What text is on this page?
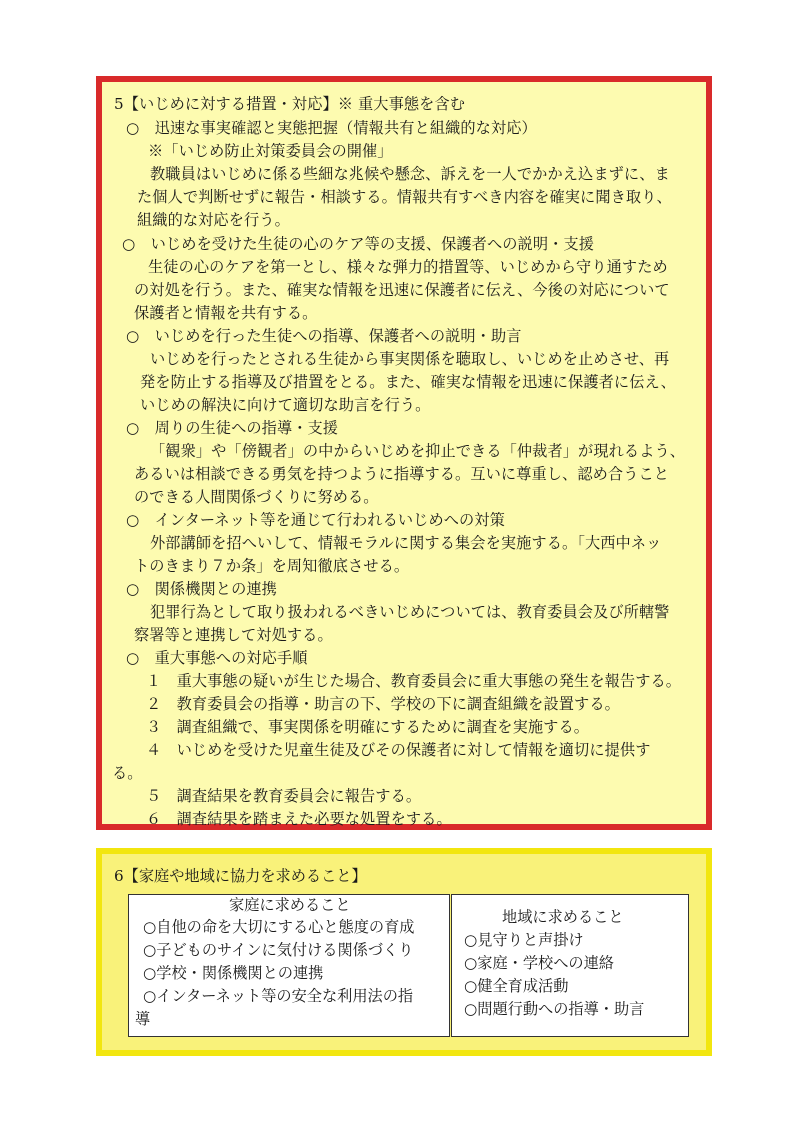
5【いじめに対する措置・対応】※ 重大事態を含む
○　迅速な事実確認と実態把握（情報共有と組織的な対応）
※「いじめ防止対策委員会の開催」
教職員はいじめに係る些細な兆候や懸念、訴えを一人でかかえ込まずに、ま
た個人で判断せずに報告・相談する。情報共有すべき内容を確実に聞き取り、
組織的な対応を行う。
○　いじめを受けた生徒の心のケア等の支援、保護者への説明・支援
生徒の心のケアを第一とし、様々な弾力的措置等、いじめから守り通すため
の対処を行う。また、確実な情報を迅速に保護者に伝え、今後の対応について
保護者と情報を共有する。
○　いじめを行った生徒への指導、保護者への説明・助言
いじめを行ったとされる生徒から事実関係を聴取し、いじめを止めさせ、再
発を防止する指導及び措置をとる。また、確実な情報を迅速に保護者に伝え、
いじめの解決に向けて適切な助言を行う。
○　周りの生徒への指導・支援
「観衆」や「傍観者」の中からいじめを抑止できる「仲裁者」が現れるよう、
あるいは相談できる勇気を持つように指導する。互いに尊重し、認め合うこと
のできる人間関係づくりに努める。
○　インターネット等を通じて行われるいじめへの対策
外部講師を招へいして、情報モラルに関する集会を実施する。「大西中ネッ
トのきまり７か条」を周知徹底させる。
○　関係機関との連携
犯罪行為として取り扱われるべきいじめについては、教育委員会及び所轄警
察署等と連携して対処する。
○　重大事態への対応手順
１　重大事態の疑いが生じた場合、教育委員会に重大事態の発生を報告する。
２　教育委員会の指導・助言の下、学校の下に調査組織を設置する。
３　調査組織で、事実関係を明確にするために調査を実施する。
４　いじめを受けた児童生徒及びその保護者に対して情報を適切に提供す
る。
５　調査結果を教育委員会に報告する。
６　調査結果を踏まえた必要な処置をする。
6【家庭や地域に協力を求めること】
家庭に求めること
○自他の命を大切にする心と態度の育成
○子どものサインに気付ける関係づくり
○学校・関係機関との連携
○インターネット等の安全な利用法の指
導
地域に求めること
○見守りと声掛け
○家庭・学校への連絡
○健全育成活動
○問題行動への指導・助言
